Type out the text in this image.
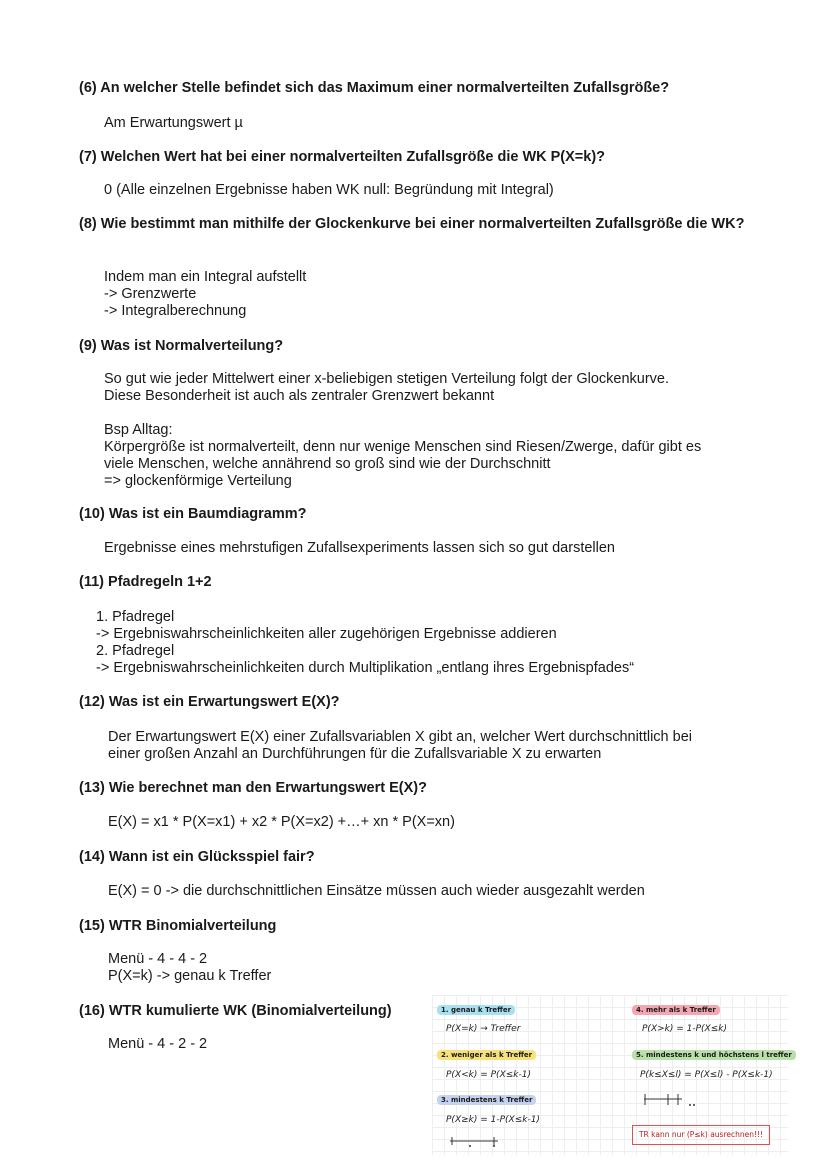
(6) An welcher Stelle befindet sich das Maximum einer normalverteilten Zufallsgröße?
Am Erwartungswert µ
(7) Welchen Wert hat bei einer normalverteilten Zufallsgröße die WK P(X=k)?
0 (Alle einzelnen Ergebnisse haben WK null: Begründung mit Integral)
(8) Wie bestimmt man mithilfe der Glockenkurve bei einer normalverteilten Zufallsgröße die WK?
Indem man ein Integral aufstellt
-> Grenzwerte
-> Integralberechnung
(9) Was ist Normalverteilung?
So gut wie jeder Mittelwert einer x-beliebigen stetigen Verteilung folgt der Glockenkurve.
Diese Besonderheit ist auch als zentraler Grenzwert bekannt

Bsp Alltag:
Körpergröße ist normalverteilt, denn nur wenige Menschen sind Riesen/Zwerge, dafür gibt es
viele Menschen, welche annährend so groß sind wie der Durchschnitt
=> glockenförmige Verteilung
(10) Was ist ein Baumdiagramm?
Ergebnisse eines mehrstufigen Zufallsexperiments lassen sich so gut darstellen
(11) Pfadregeln 1+2
1. Pfadregel
-> Ergebniswahrscheinlichkeiten aller zugehörigen Ergebnisse addieren
2. Pfadregel
-> Ergebniswahrscheinlichkeiten durch Multiplikation „entlang ihres Ergebnispfades“
(12) Was ist ein Erwartungswert E(X)?
Der Erwartungswert E(X) einer Zufallsvariablen X gibt an, welcher Wert durchschnittlich bei
einer großen Anzahl an Durchführungen für die Zufallsvariable X zu erwarten
(13) Wie berechnet man den Erwartungswert E(X)?
E(X) = x1 * P(X=x1) + x2 * P(X=x2) +…+ xn * P(X=xn)
(14) Wann ist ein Glücksspiel fair?
E(X) = 0 -> die durchschnittlichen Einsätze müssen auch wieder ausgezahlt werden
(15) WTR Binomialverteilung
Menü - 4 - 4 - 2
P(X=k) -> genau k Treffer
(16) WTR kumulierte WK (Binomialverteilung)
Menü - 4 - 2 - 2
1. genau k Treffer
P(X=k) → Treffer
2. weniger als k Treffer
P(X<k) = P(X≤k-1)
3. mindestens k Treffer
P(X≥k) = 1-P(X≤k-1)
4. mehr als k Treffer
P(X>k) = 1-P(X≤k)
5. mindestens k und höchstens l treffer
P(k≤X≤l) = P(X≤l) - P(X≤k-1)
TR kann nur (P≤k) ausrechnen!!!
